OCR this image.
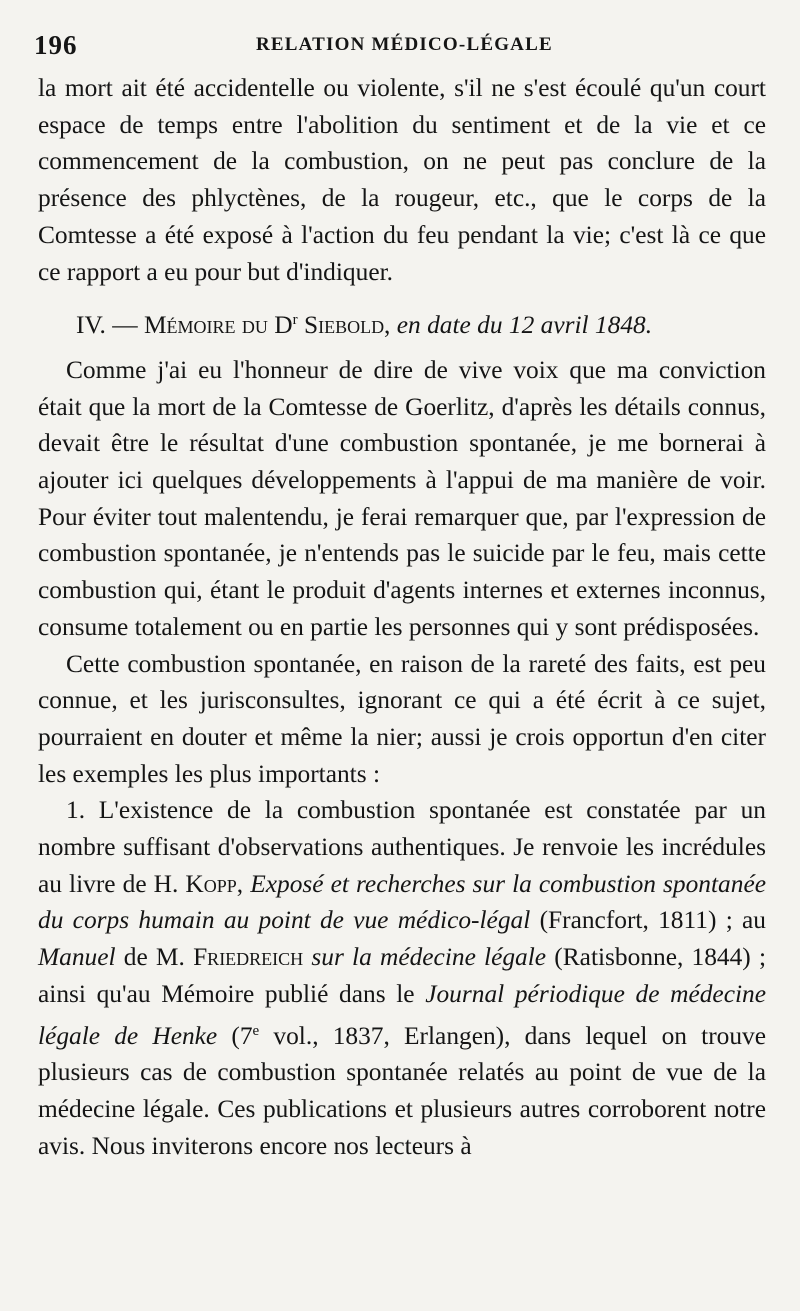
196	RELATION MÉDICO-LÉGALE

la mort ait été accidentelle ou violente, s'il ne s'est écoulé qu'un court espace de temps entre l'abolition du sentiment et de la vie et ce commencement de la combustion, on ne peut pas conclure de la présence des phlyctènes, de la rougeur, etc., que le corps de la Comtesse a été exposé à l'action du feu pendant la vie; c'est là ce que ce rapport a eu pour but d'indiquer.

IV. — Mémoire du $D^r$ Siebold, en date du 12 avril 1848.

Comme j'ai eu l'honneur de dire de vive voix que ma conviction était que la mort de la Comtesse de Goerlitz, d'après les détails connus, devait être le résultat d'une combustion spontanée, je me bornerai à ajouter ici quelques développements à l'appui de ma manière de voir. Pour éviter tout malentendu, je ferai remarquer que, par l'expression de combustion spontanée, je n'entends pas le suicide par le feu, mais cette combustion qui, étant le produit d'agents internes et externes inconnus, consume totalement ou en partie les personnes qui y sont prédisposées.

Cette combustion spontanée, en raison de la rareté des faits, est peu connue, et les jurisconsultes, ignorant ce qui a été écrit à ce sujet, pourraient en douter et même la nier; aussi je crois opportun d'en citer les exemples les plus importants :

1. L'existence de la combustion spontanée est constatée par un nombre suffisant d'observations authentiques. Je renvoie les incrédules au livre de H. Kopp, Exposé et recherches sur la combustion spontanée du corps humain au point de vue médico-légal (Francfort, 1811) ; au Manuel de M. Friedreich sur la médecine légale (Ratisbonne, 1844) ; ainsi qu'au Mémoire publié dans le Journal périodique de médecine légale de Henke (7e vol., 1837, Erlangen), dans lequel on trouve plusieurs cas de combustion spontanée relatés au point de vue de la médecine légale. Ces publications et plusieurs autres corroborent notre avis. Nous inviterons encore nos lecteurs à
